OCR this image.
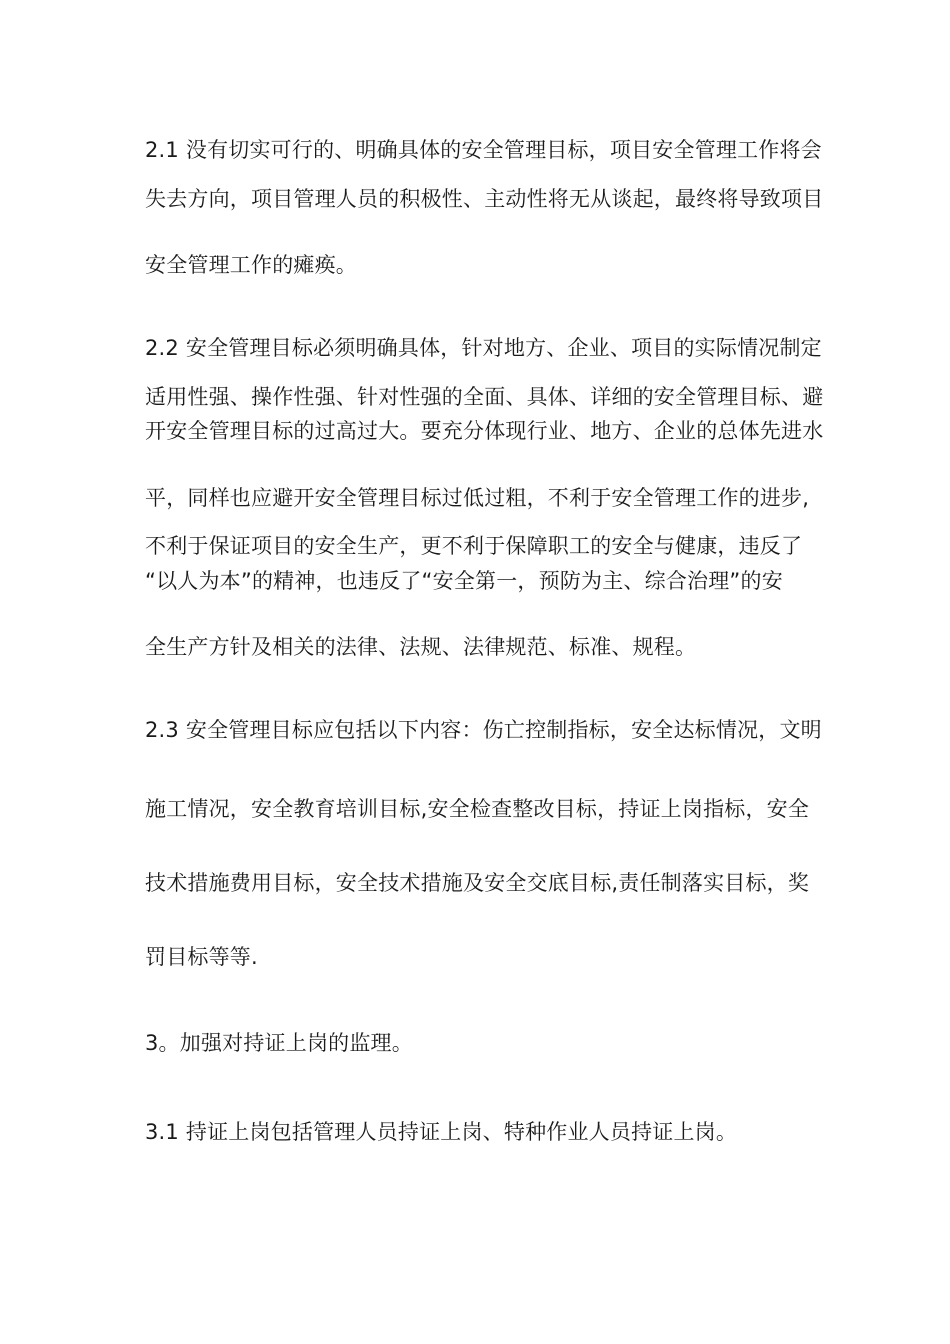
2.1 没有切实可行的、明确具体的安全管理目标，项目安全管理工作将会
失去方向，项目管理人员的积极性、主动性将无从谈起，最终将导致项目
安全管理工作的瘫痪。
2.2 安全管理目标必须明确具体，针对地方、企业、项目的实际情况制定
适用性强、操作性强、针对性强的全面、具体、详细的安全管理目标、避
开安全管理目标的过高过大。要充分体现行业、地方、企业的总体先进水
平，同样也应避开安全管理目标过低过粗，不利于安全管理工作的进步,
不利于保证项目的安全生产，更不利于保障职工的安全与健康，违反了
“以人为本”的精神，也违反了“安全第一，预防为主、综合治理”的安
全生产方针及相关的法律、法规、法律规范、标准、规程。
2.3 安全管理目标应包括以下内容：伤亡控制指标，安全达标情况，文明
施工情况，安全教育培训目标,安全检查整改目标，持证上岗指标，安全
技术措施费用目标，安全技术措施及安全交底目标,责任制落实目标，奖
罚目标等等.
3。加强对持证上岗的监理。
3.1 持证上岗包括管理人员持证上岗、特种作业人员持证上岗。
